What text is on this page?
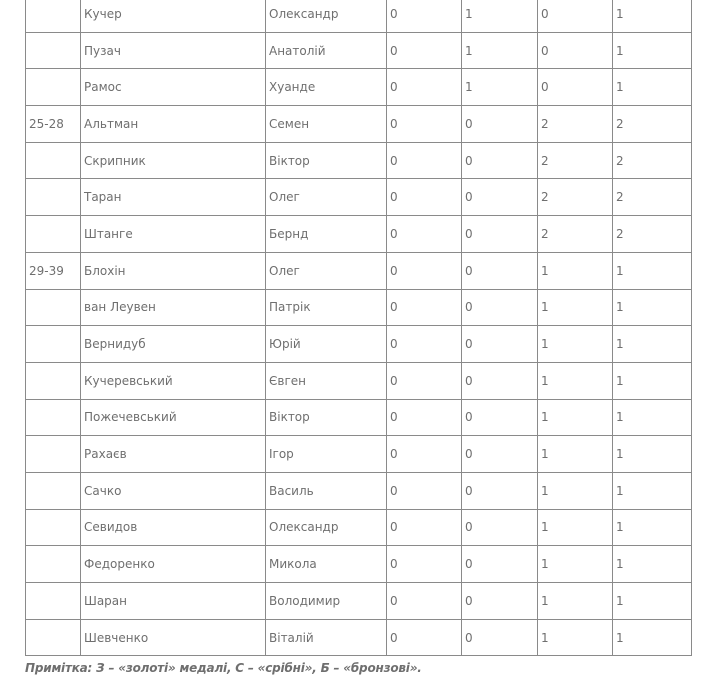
	Кучер	Олександр	0	1	0	1
	Пузач	Анатолій	0	1	0	1
	Рамос	Хуанде	0	1	0	1
25-28	Альтман	Семен	0	0	2	2
	Скрипник	Віктор	0	0	2	2
	Таран	Олег	0	0	2	2
	Штанге	Бернд	0	0	2	2
29-39	Блохін	Олег	0	0	1	1
	ван Леувен	Патрік	0	0	1	1
	Вернидуб	Юрій	0	0	1	1
	Кучеревський	Євген	0	0	1	1
	Пожечевський	Віктор	0	0	1	1
	Рахаєв	Ігор	0	0	1	1
	Сачко	Василь	0	0	1	1
	Севидов	Олександр	0	0	1	1
	Федоренко	Микола	0	0	1	1
	Шаран	Володимир	0	0	1	1
	Шевченко	Віталій	0	0	1	1
Примітка: З – «золоті» медалі, С – «срібні», Б – «бронзові».
